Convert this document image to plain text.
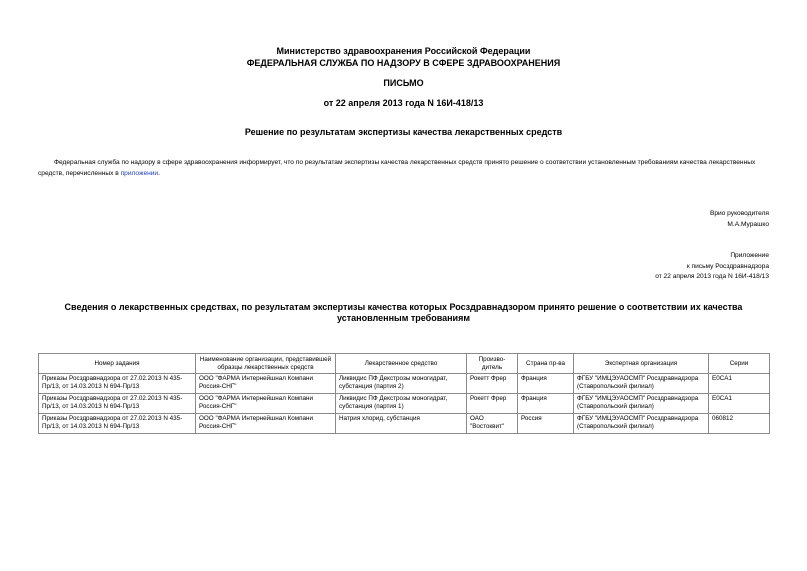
Министерство здравоохранения Российской Федерации
ФЕДЕРАЛЬНАЯ СЛУЖБА ПО НАДЗОРУ В СФЕРЕ ЗДРАВООХРАНЕНИЯ
ПИСЬМО
от 22 апреля 2013 года N 16И-418/13
Решение по результатам экспертизы качества лекарственных средств
Федеральная служба по надзору в сфере здравоохранения информирует, что по результатам экспертизы качества лекарственных средств принято решение о соответствии установленным требованиям качества лекарственных средств, перечисленных в приложении.
Врио руководителя
М.А.Мурашко
Приложение
к письму Росздравнадзора
от 22 апреля 2013 года N 16И-418/13
Сведения о лекарственных средствах, по результатам экспертизы качества которых Росздравнадзором принято решение о соответствии их качества установленным требованиям
Номер задания	Наименование организации, представившей образцы лекарственных средств	Лекарственное средство	Произво-дитель	Страна пр-ва	Экспертная организация	Серии
Приказы Росздравнадзора от 27.02.2013 N 435-Пр/13, от 14.03.2013 N 694-Пр/13	ООО "ФАРМА Интернейшнал Компани Россия-СНГ"	Ликвидис ПФ Декстрозы моногидрат, субстанция (партия 2)	Рокетт Фрер	Франция	ФГБУ "ИМЦЭУАОСМП" Росздравнадзора (Ставропольский филиал)	E0CA1
Приказы Росздравнадзора от 27.02.2013 N 435-Пр/13, от 14.03.2013 N 694-Пр/13	ООО "ФАРМА Интернейшнал Компани Россия-СНГ"	Ликвидис ПФ Декстрозы моногидрат, субстанция (партия 1)	Рокетт Фрер	Франция	ФГБУ "ИМЦЭУАОСМП" Росздравнадзора (Ставропольский филиал)	E0CA1
Приказы Росздравнадзора от 27.02.2013 N 435-Пр/13, от 14.03.2013 N 694-Пр/13	ООО "ФАРМА Интернейшнал Компани Россия-СНГ"	Натрия хлорид, субстанция	ОАО "Востоквит"	Россия	ФГБУ "ИМЦЭУАОСМП" Росздравнадзора (Ставропольский филиал)	060812
